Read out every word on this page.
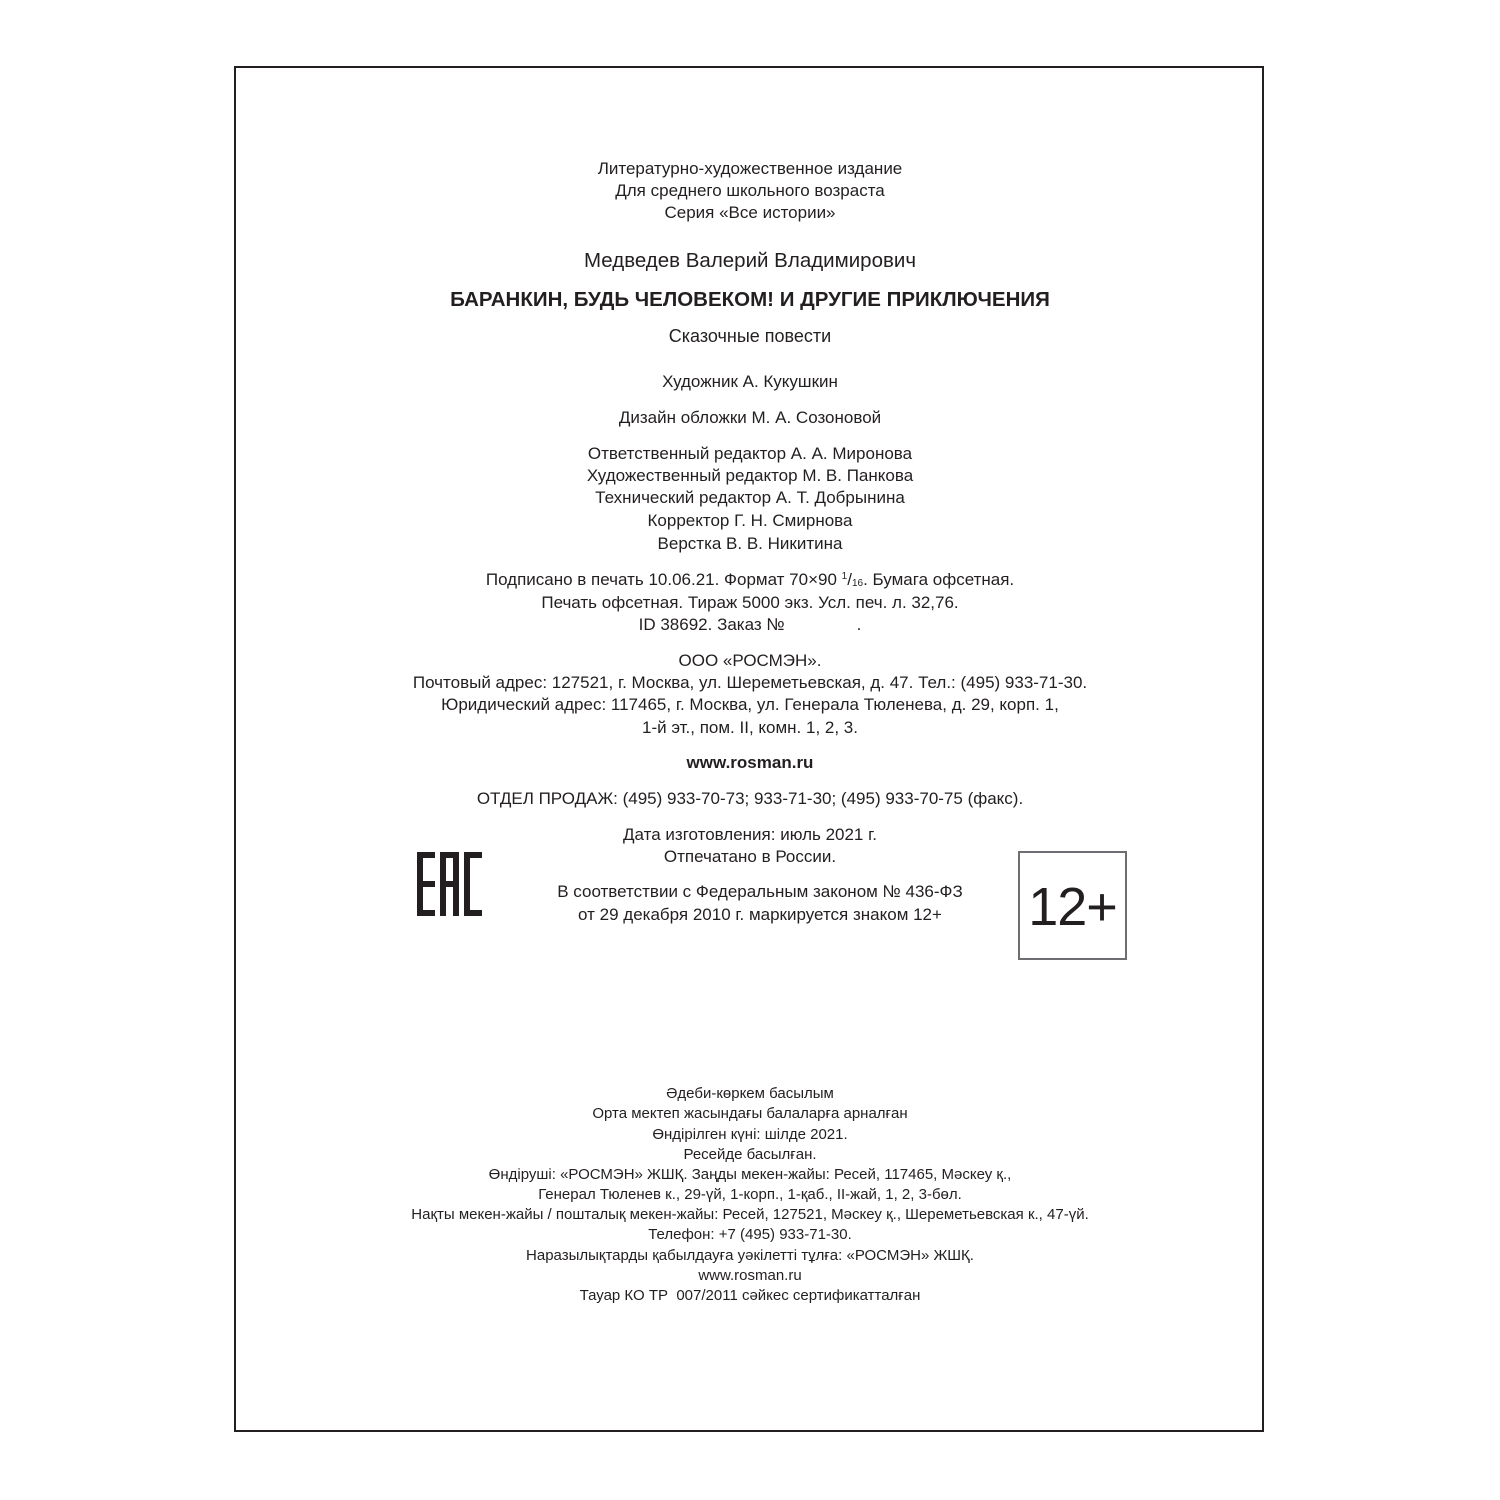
Литературно-художественное издание

Для среднего школьного возраста

Серия «Все истории»

Медведев Валерий Владимирович

БАРАНКИН, БУДЬ ЧЕЛОВЕКОМ! И ДРУГИЕ ПРИКЛЮЧЕНИЯ

Сказочные повести

Художник А. Кукушкин

Дизайн обложки М. А. Созоновой

Ответственный редактор А. А. Миронова

Художественный редактор М. В. Панкова

Технический редактор А. Т. Добрынина

Корректор Г. Н. Смирнова

Верстка В. В. Никитина

Подписано в печать 10.06.21. Формат 70×90 $^1$/16. Бумага офсетная.

Печать офсетная. Тираж 5000 экз. Усл. печ. л. 32,76.

ID 38692. Заказ №	.

ООО «РОСМЭН».

Почтовый адрес: 127521, г. Москва, ул. Шереметьевская, д. 47. Тел.: (495) 933-71-30.

Юридический адрес: 117465, г. Москва, ул. Генерала Тюленева, д. 29, корп. 1,

1-й эт., пом. II, комн. 1, 2, 3.

www.rosman.ru

ОТДЕЛ ПРОДАЖ: (495) 933-70-73; 933-71-30; (495) 933-70-75 (факс).

Дата изготовления: июль 2021 г.

Отпечатано в России.

В соответствии с Федеральным законом № 436-ФЗ

от 29 декабря 2010 г. маркируется знаком 12+	12+

Әдеби-көркем басылым

Орта мектеп жасындағы балаларға арналған

Өндірілген күні: шілде 2021.

Ресейде басылған.

Өндіруші: «РОСМЭН» ЖШҚ. Заңды мекен-жайы: Ресей, 117465, Мәскеу қ.,

Генерал Тюленев к., 29-үй, 1-корп., 1-қаб., II-жай, 1, 2, 3-бөл.

Нақты мекен-жайы / пошталық мекен-жайы: Ресей, 127521, Мәскеу қ., Шереметьевская к., 47-үй.

Телефон: +7 (495) 933-71-30.

Наразылықтарды қабылдауға уәкілетті тұлға: «РОСМЭН» ЖШҚ.

www.rosman.ru

Тауар КО ТР  007/2011 сәйкес сертификатталған
